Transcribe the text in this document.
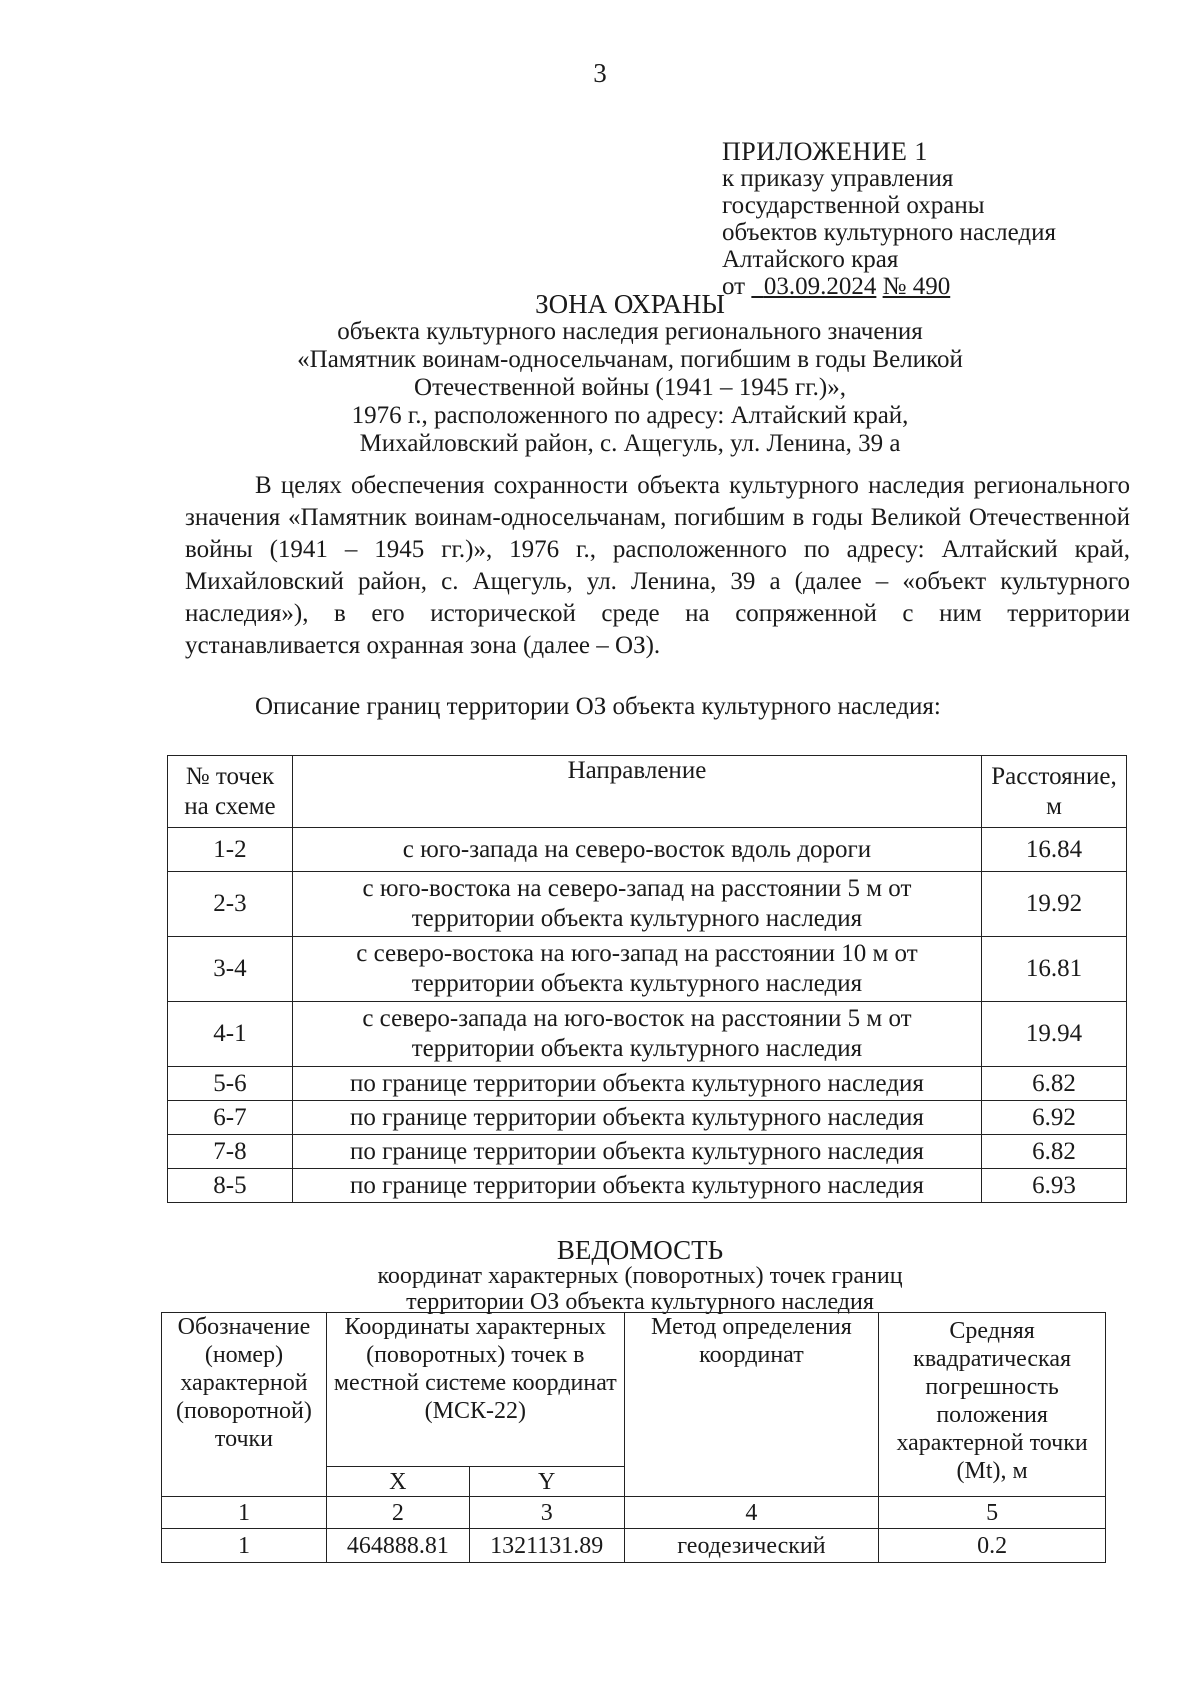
3
ПРИЛОЖЕНИЕ 1
к приказу управления
государственной охраны
объектов культурного наследия
Алтайского края
от   03.09.2024 № 490
ЗОНА ОХРАНЫ
объекта культурного наследия регионального значения
«Памятник воинам-односельчанам, погибшим в годы Великой
Отечественной войны (1941 – 1945 гг.)»,
1976 г., расположенного по адресу: Алтайский край,
Михайловский район, с. Ащегуль, ул. Ленина, 39 а
В целях обеспечения сохранности объекта культурного наследия регионального значения «Памятник воинам-односельчанам, погибшим в годы Великой Отечественной войны (1941 – 1945 гг.)», 1976 г., расположенного по адресу: Алтайский край, Михайловский район, с. Ащегуль, ул. Ленина, 39 а (далее – «объект культурного наследия»), в его исторической среде на сопряженной с ним территории устанавливается охранная зона (далее – ОЗ).
Описание границ территории ОЗ объекта культурного наследия:
№ точек на схеме	Направление	Расстояние, м
1-2	с юго-запада на северо-восток вдоль дороги	16.84
2-3	с юго-востока на северо-запад на расстоянии 5 м от территории объекта культурного наследия	19.92
3-4	с северо-востока на юго-запад на расстоянии 10 м от территории объекта культурного наследия	16.81
4-1	с северо-запада на юго-восток на расстоянии 5 м от территории объекта культурного наследия	19.94
5-6	по границе территории объекта культурного наследия	6.82
6-7	по границе территории объекта культурного наследия	6.92
7-8	по границе территории объекта культурного наследия	6.82
8-5	по границе территории объекта культурного наследия	6.93
ВЕДОМОСТЬ
координат характерных (поворотных) точек границ
территории ОЗ объекта культурного наследия
Обозначение (номер) характерной (поворотной) точки	Координаты характерных (поворотных) точек в местной системе координат (МСК-22)		Метод определения координат	Средняя квадратическая погрешность положения характерной точки (Mt), м
	X	Y		
1	2	3	4	5
1	464888.81	1321131.89	геодезический	0.2
